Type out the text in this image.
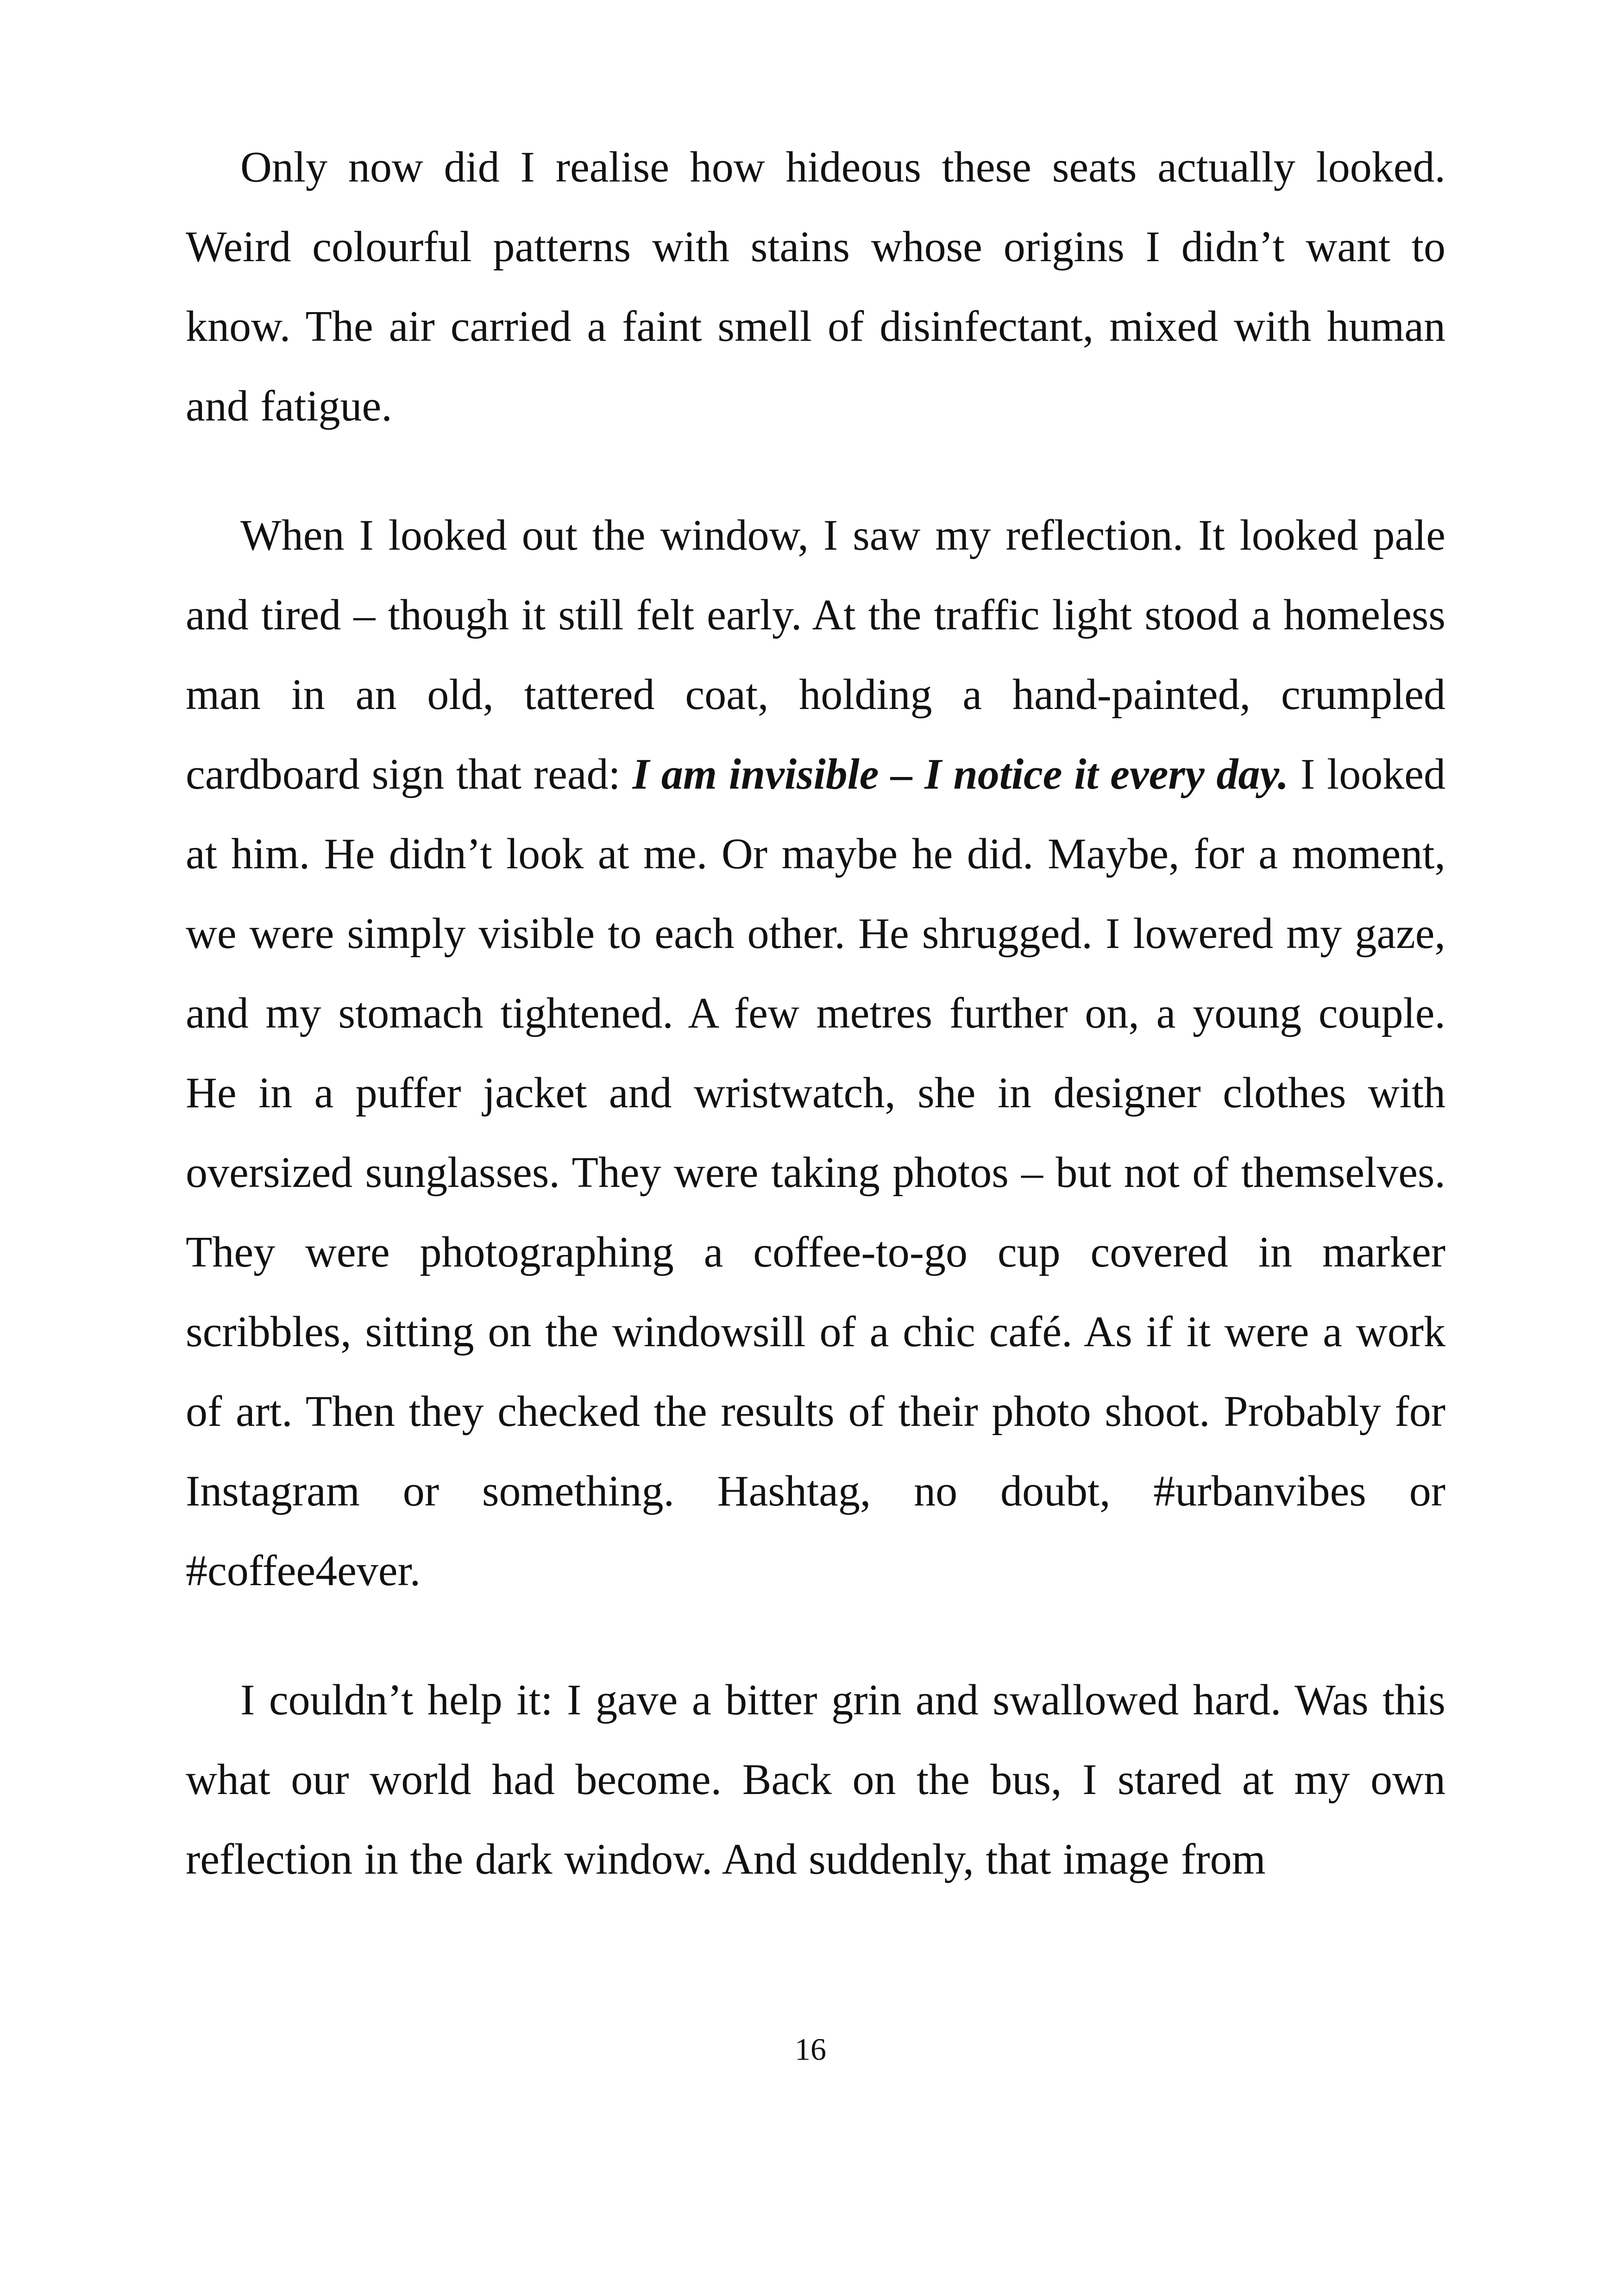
Only now did I realise how hideous these seats actually looked. Weird colourful patterns with stains whose origins I didn’t want to know. The air carried a faint smell of disinfectant, mixed with human and fatigue.

When I looked out the window, I saw my reflection. It looked pale and tired – though it still felt early. At the traffic light stood a homeless man in an old, tattered coat, holding a hand-painted, crumpled cardboard sign that read: I am invisible – I notice it every day. I looked at him. He didn’t look at me. Or maybe he did. Maybe, for a moment, we were simply visible to each other. He shrugged. I lowered my gaze, and my stomach tightened. A few metres further on, a young couple. He in a puffer jacket and wristwatch, she in designer clothes with oversized sunglasses. They were taking photos – but not of themselves. They were photographing a coffee-to-go cup covered in marker scribbles, sitting on the windowsill of a chic café. As if it were a work of art. Then they checked the results of their photo shoot. Probably for Instagram or something. Hashtag, no doubt, #urbanvibes or #coffee4ever.

I couldn’t help it: I gave a bitter grin and swallowed hard. Was this what our world had become. Back on the bus, I stared at my own reflection in the dark window. And suddenly, that image from

16
